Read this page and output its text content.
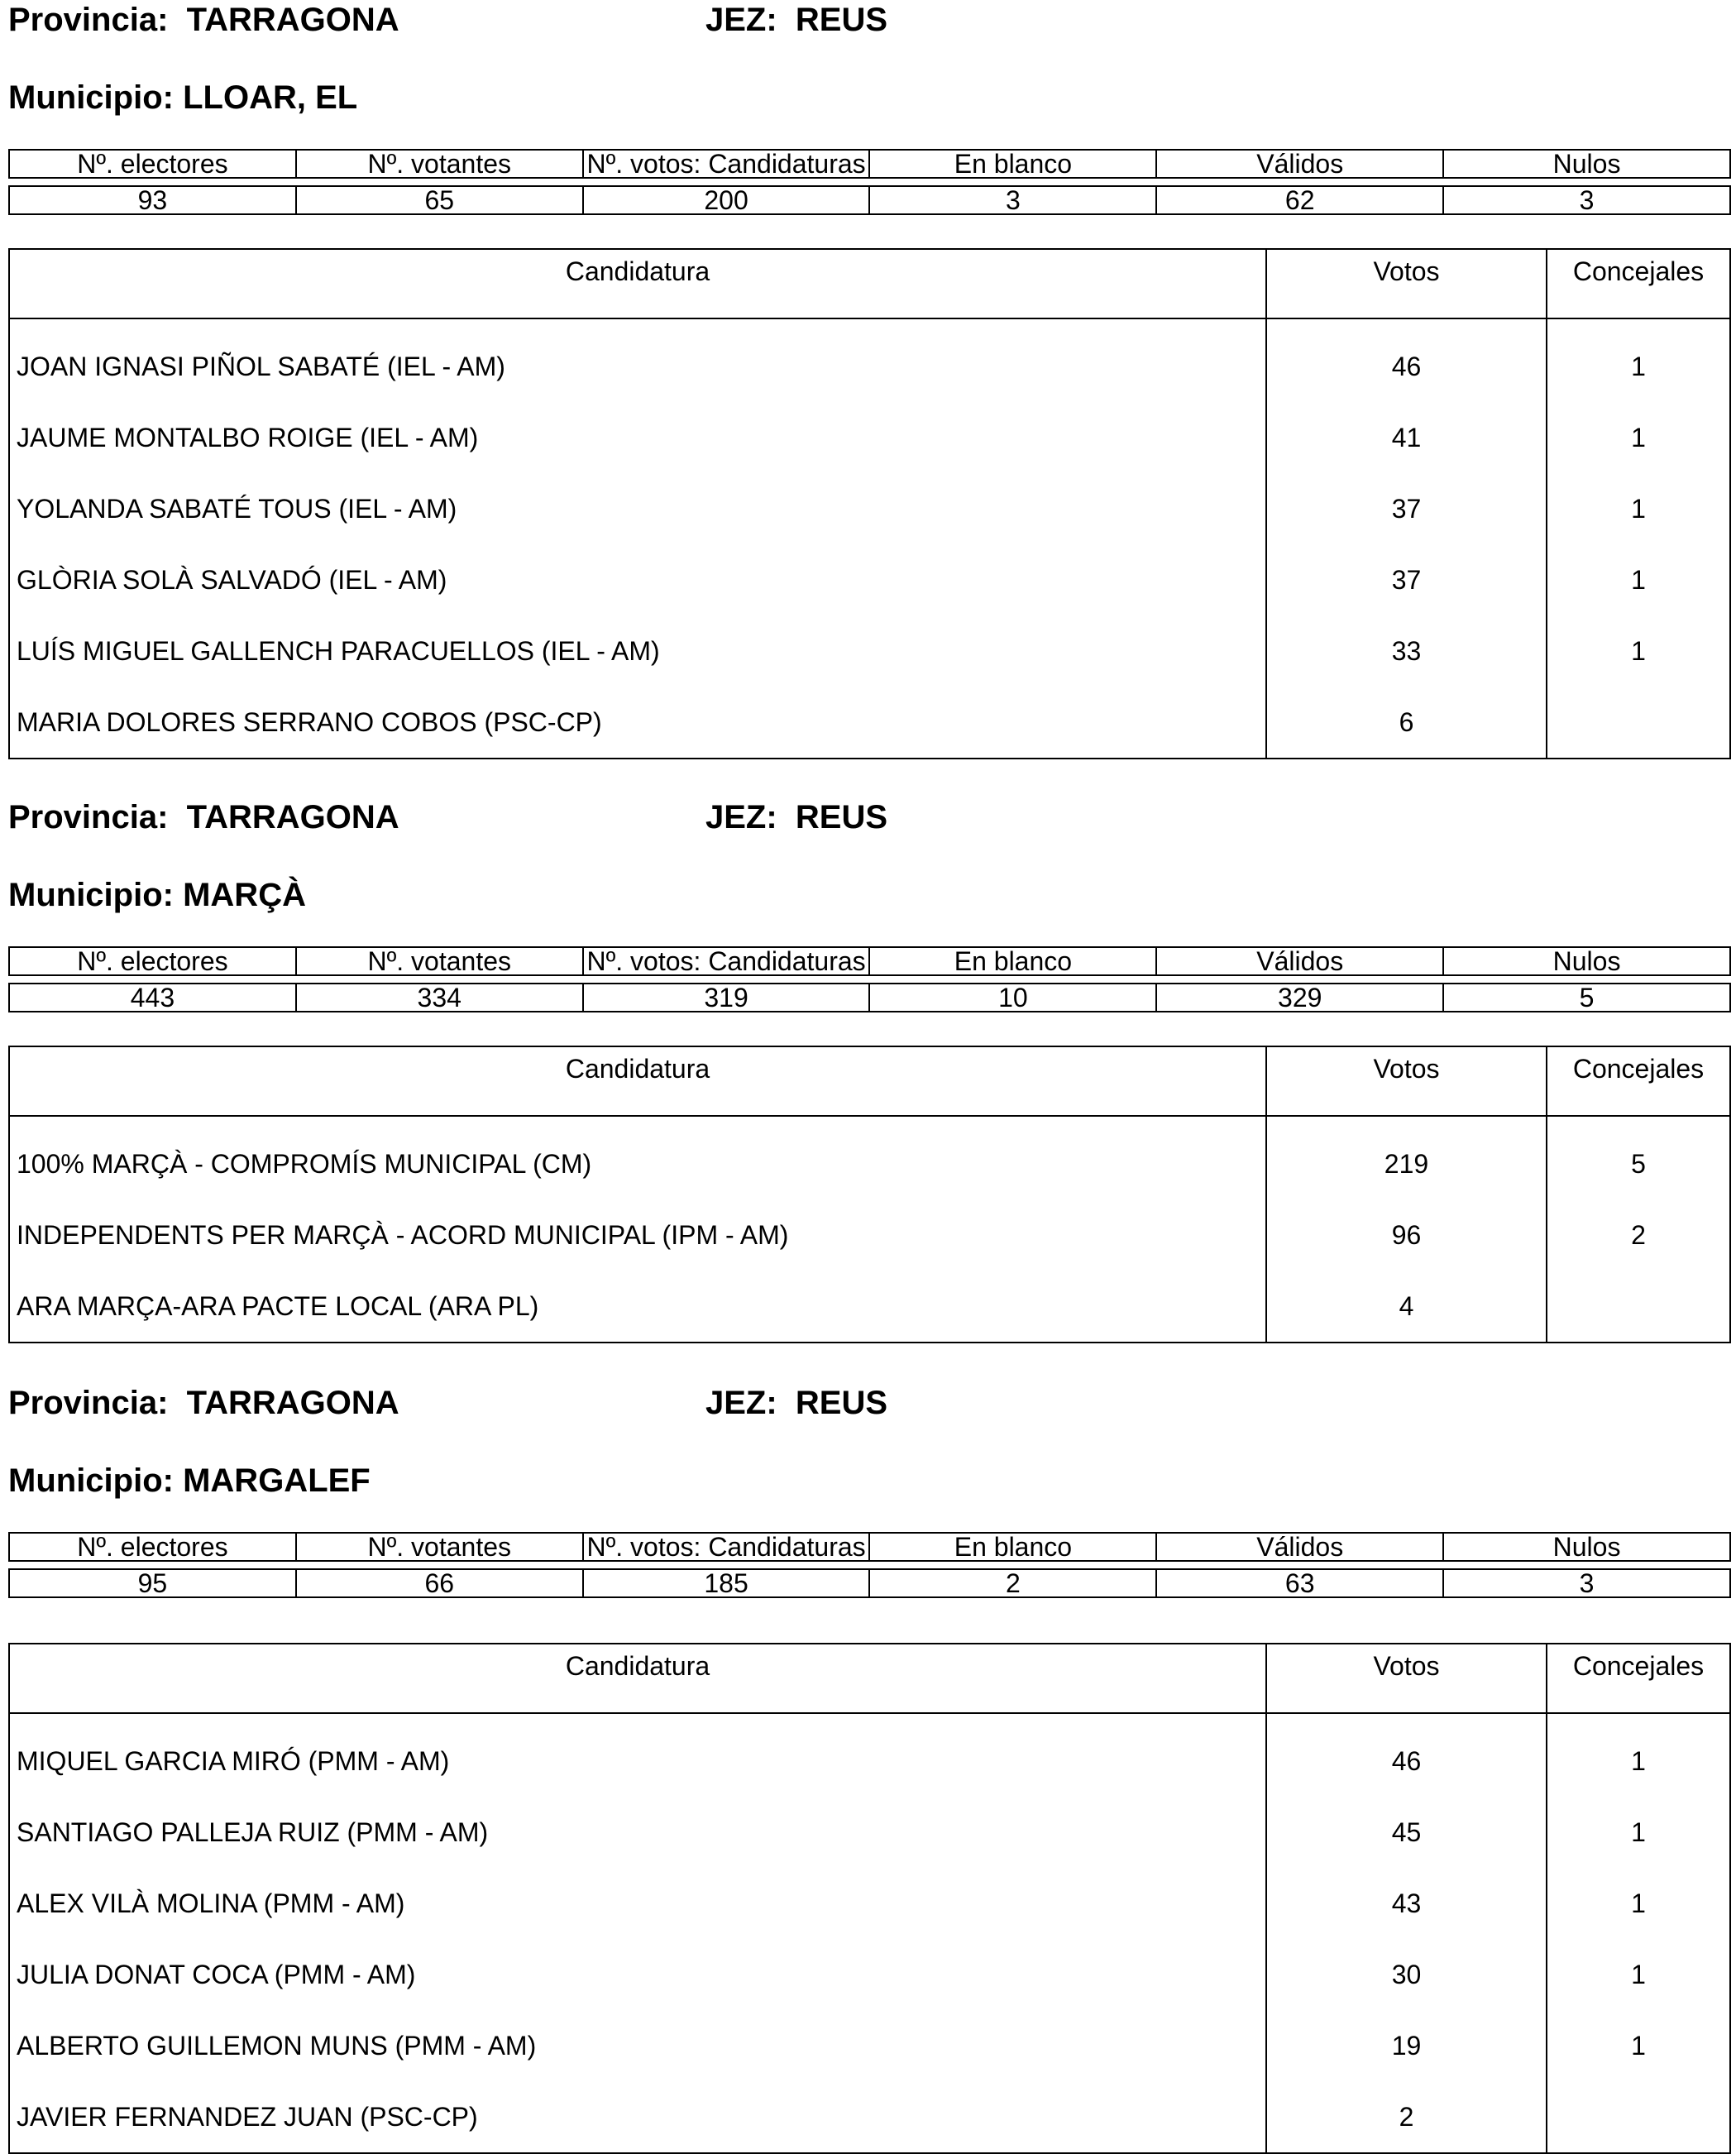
Provincia: TARRAGONA	JEZ: REUS
Municipio: LLOAR, EL
Nº. electores	Nº. votantes	Nº. votos: Candidaturas	En blanco	Válidos	Nulos
93	65	200	3	62	3
Candidatura	Votos	Concejales
JOAN IGNASI PIÑOL SABATÉ (IEL - AM)	46	1
JAUME MONTALBO ROIGE (IEL - AM)	41	1
YOLANDA SABATÉ TOUS (IEL - AM)	37	1
GLÒRIA SOLÀ SALVADÓ (IEL - AM)	37	1
LUÍS MIGUEL GALLENCH PARACUELLOS (IEL - AM)	33	1
MARIA DOLORES SERRANO COBOS (PSC-CP)	6
Provincia: TARRAGONA	JEZ: REUS
Municipio: MARÇÀ
Nº. electores	Nº. votantes	Nº. votos: Candidaturas	En blanco	Válidos	Nulos
443	334	319	10	329	5
Candidatura	Votos	Concejales
100% MARÇÀ - COMPROMÍS MUNICIPAL (CM)	219	5
INDEPENDENTS PER MARÇÀ - ACORD MUNICIPAL (IPM - AM)	96	2
ARA MARÇA-ARA PACTE LOCAL (ARA PL)	4
Provincia: TARRAGONA	JEZ: REUS
Municipio: MARGALEF
Nº. electores	Nº. votantes	Nº. votos: Candidaturas	En blanco	Válidos	Nulos
95	66	185	2	63	3
Candidatura	Votos	Concejales
MIQUEL GARCIA MIRÓ (PMM - AM)	46	1
SANTIAGO PALLEJA RUIZ (PMM - AM)	45	1
ALEX VILÀ MOLINA (PMM - AM)	43	1
JULIA DONAT COCA (PMM - AM)	30	1
ALBERTO GUILLEMON MUNS (PMM - AM)	19	1
JAVIER FERNANDEZ JUAN (PSC-CP)	2
